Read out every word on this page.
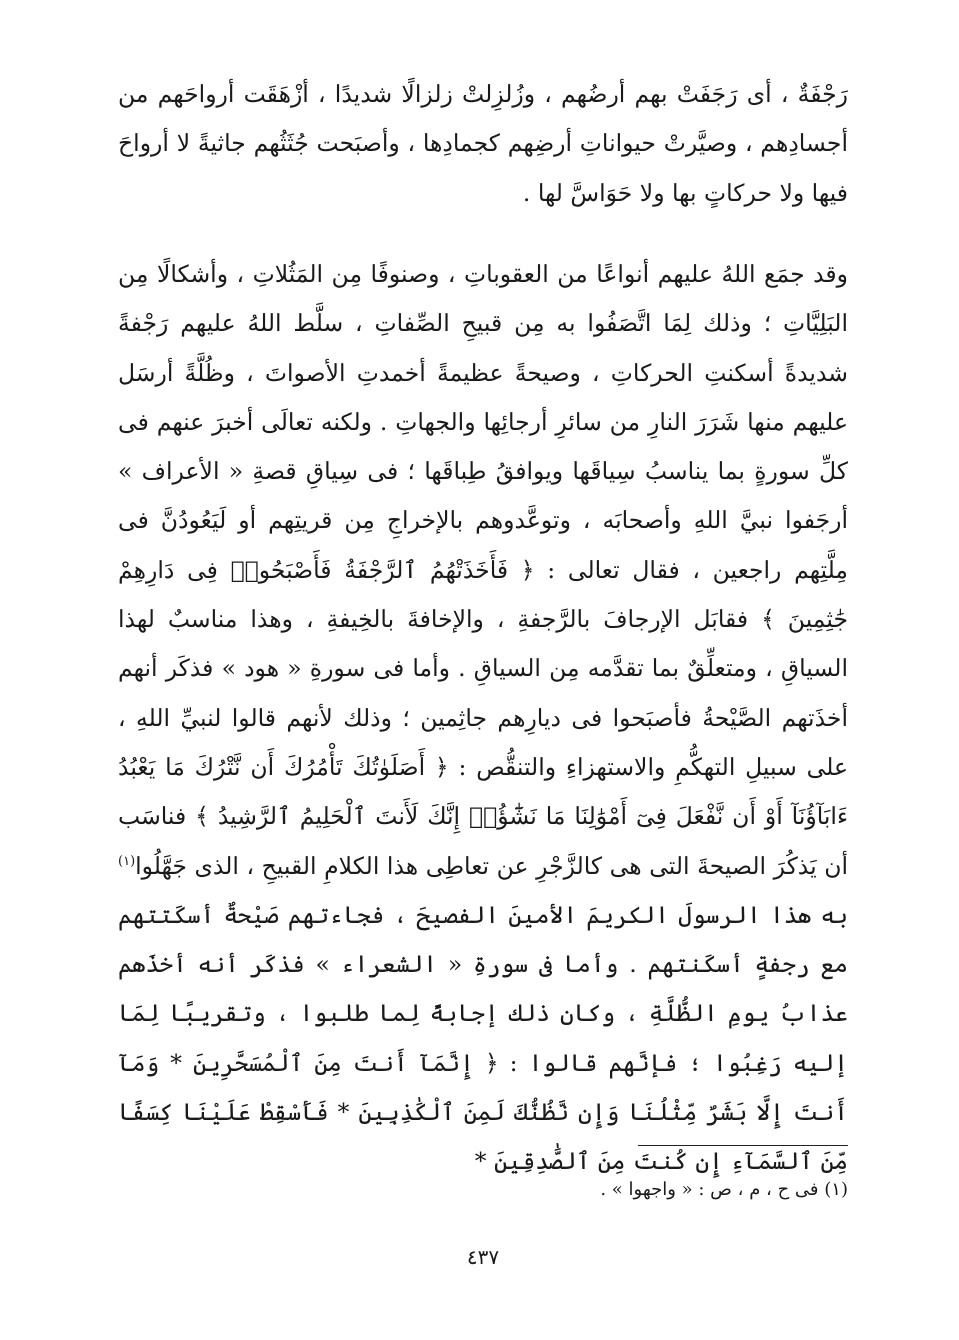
رَجْفَةٌ ، أى رَجَفَتْ بهم أرضُهم ، وزُلزِلتْ زلزالًا شديدًا ، أزْهَقَت أرواحَهم من أجسادِهم ، وصيَّرتْ حيواناتِ أرضِهم كجمادِها ، وأصبَحت جُثَثُهم جاثيةً لا أرواحَ فيها ولا حركاتٍ بها ولا حَوَاسَّ لها .

وقد جمَع اللهُ عليهم أنواعًا من العقوباتِ ، وصنوفًا مِن المَثُلاتِ ، وأشكالًا مِن البَلِيَّاتِ ؛ وذلك لِمَا اتَّصَفُوا به مِن قبيحِ الصِّفاتِ ، سلَّط اللهُ عليهم رَجْفةً شديدةً أسكنتِ الحركاتِ ، وصيحةً عظيمةً أخمدتِ الأصواتَ ، وظُلَّةً أرسَل عليهم منها شَرَرَ النارِ من سائرِ أرجائِها والجهاتِ . ولكنه تعالَى أخبرَ عنهم فى كلِّ سورةٍ بما يناسبُ سِياقَها ويوافقُ طِباقَها ؛ فى سِياقِ قصةِ « الأعراف » أرجَفوا نبيَّ اللهِ وأصحابَه ، وتوعَّدوهم بالإخراجِ مِن قريتِهم أو لَيَعُودُنَّ فى مِلَّتِهم راجعين ، فقال تعالى : ﴿ فَأَخَذَتْهُمُ ٱلرَّجْفَةُ فَأَصْبَحُوا۟ فِى دَارِهِمْ جَٰثِمِينَ ﴾ فقابَل الإرجافَ بالرَّجفةِ ، والإخافةَ بالخِيفةِ ، وهذا مناسبٌ لهذا السياقِ ، ومتعلِّقٌ بما تقدَّمه مِن السياقِ . وأما فى سورةِ « هود » فذكَر أنهم أخذَتهم الصَّيْحةُ فأصبَحوا فى ديارِهم جاثِمين ؛ وذلك لأنهم قالوا لنبيِّ اللهِ ، على سبيلِ التهكُّمِ والاستهزاءِ والتنقُّص : ﴿ أَصَلَوٰتُكَ تَأْمُرُكَ أَن نَّتْرُكَ مَا يَعْبُدُ ءَابَآؤُنَآ أَوْ أَن نَّفْعَلَ فِىٓ أَمْوَٰلِنَا مَا نَشَٰٓؤُا۟ إِنَّكَ لَأَنتَ ٱلْحَلِيمُ ٱلرَّشِيدُ ﴾ فناسَب أن يَذكُرَ الصيحةَ التى هى كالزَّجْرِ عن تعاطِى هذا الكلامِ القبيحِ ، الذى جَهَّلُوا$^{(١)}$ به هذا الرسولَ الكريمَ الأمينَ الفصيحَ ، فجاءتهم صَيْحةٌ أسكَتتهم مع رجفةٍ أسكَنتهم . وأما فى سورةِ « الشعراء » فذكَر أنه أخذَهم عذابُ يومِ الظُّلَّةِ ، وكان ذلك إجابةً لِما طلبوا ، وتقريبًا لِمَا إليه رَغِبُوا ؛ فإنَّهم قالوا : ﴿ إِنَّمَآ أَنتَ مِنَ ٱلْمُسَحَّرِينَ * وَمَآ أَنتَ إِلَّا بَشَرٌ مِّثْلُنَا وَإِن نَّظُنُّكَ لَمِنَ ٱلْكَٰذِبِينَ * فَأَسْقِطْ عَلَيْنَا كِسَفًا مِّنَ ٱلسَّمَآءِ إِن كُنتَ مِنَ ٱلصَّٰدِقِينَ *

(١) فى ح ، م ، ص : « واجهوا » .
٤٣٧
